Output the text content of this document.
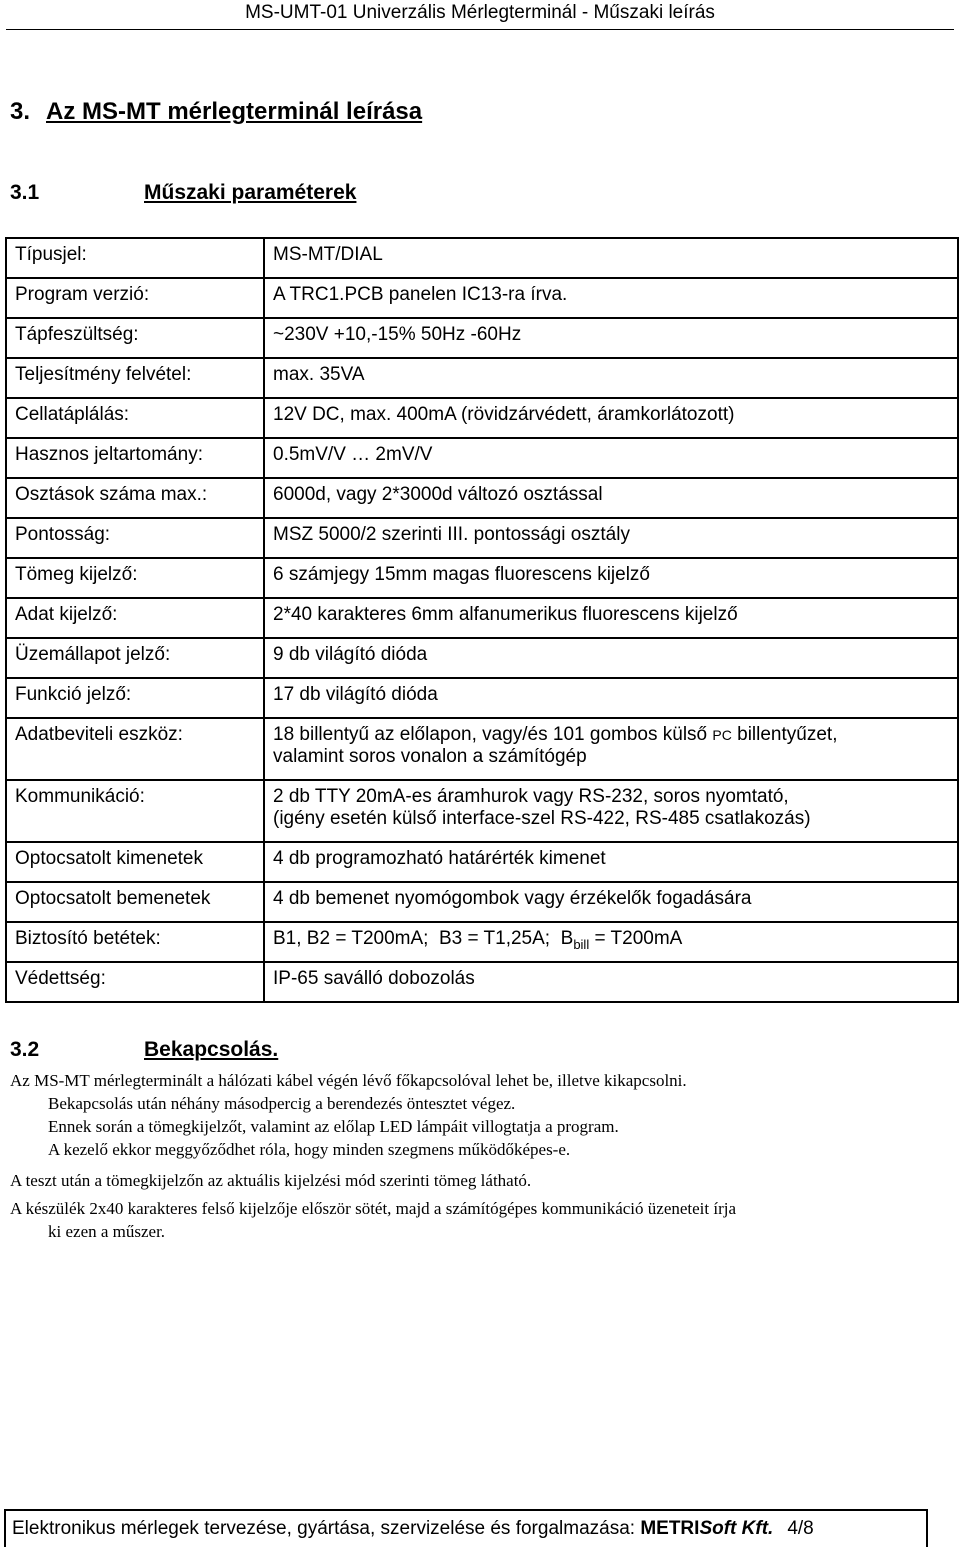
MS-UMT-01 Univerzális Mérlegterminál - Műszaki leírás
3. Az MS-MT mérlegterminál leírása
3.1	Műszaki paraméterek
Típusjel:	MS-MT/DIAL
Program verzió:	A TRC1.PCB panelen IC13-ra írva.
Tápfeszültség:	~230V +10,-15% 50Hz -60Hz
Teljesítmény felvétel:	max. 35VA
Cellatáplálás:	12V DC, max. 400mA (rövidzárvédett, áramkorlátozott)
Hasznos jeltartomány:	0.5mV/V … 2mV/V
Osztások száma max.:	6000d, vagy 2*3000d változó osztással
Pontosság:	MSZ 5000/2 szerinti III. pontossági osztály
Tömeg kijelző:	6 számjegy 15mm magas fluorescens kijelző
Adat kijelző:	2*40 karakteres 6mm alfanumerikus fluorescens kijelző
Üzemállapot jelző:	9 db világító dióda
Funkció jelző:	17 db világító dióda
Adatbeviteli eszköz:	18 billentyű az előlapon, vagy/és 101 gombos külső PC billentyűzet,
valamint soros vonalon a számítógép
Kommunikáció:	2 db TTY 20mA-es áramhurok vagy RS-232, soros nyomtató,
(igény esetén külső interface-szel RS-422, RS-485 csatlakozás)
Optocsatolt kimenetek	4 db programozható határérték kimenet
Optocsatolt bemenetek	4 db bemenet nyomógombok vagy érzékelők fogadására
Biztosító betétek:	B1, B2 = T200mA;  B3 = T1,25A;  $B_{bill} = T200mA$
Védettség:	IP-65 saválló dobozolás
3.2	Bekapcsolás.

Az MS-MT mérlegterminált a hálózati kábel végén lévő főkapcsolóval lehet be, illetve kikapcsolni.

Bekapcsolás után néhány másodpercig a berendezés öntesztet végez.

Ennek során a tömegkijelzőt, valamint az előlap LED lámpáit villogtatja a program.

A kezelő ekkor meggyőződhet róla, hogy minden szegmens működőképes-e.

A teszt után a tömegkijelzőn az aktuális kijelzési mód szerinti tömeg látható.

A készülék 2x40 karakteres felső kijelzője először sötét, majd a számítógépes kommunikáció üzeneteit írja

ki ezen a műszer.

Elektronikus mérlegek tervezése, gyártása, szervizelése és forgalmazása: METRISoft Kft. 4/8
